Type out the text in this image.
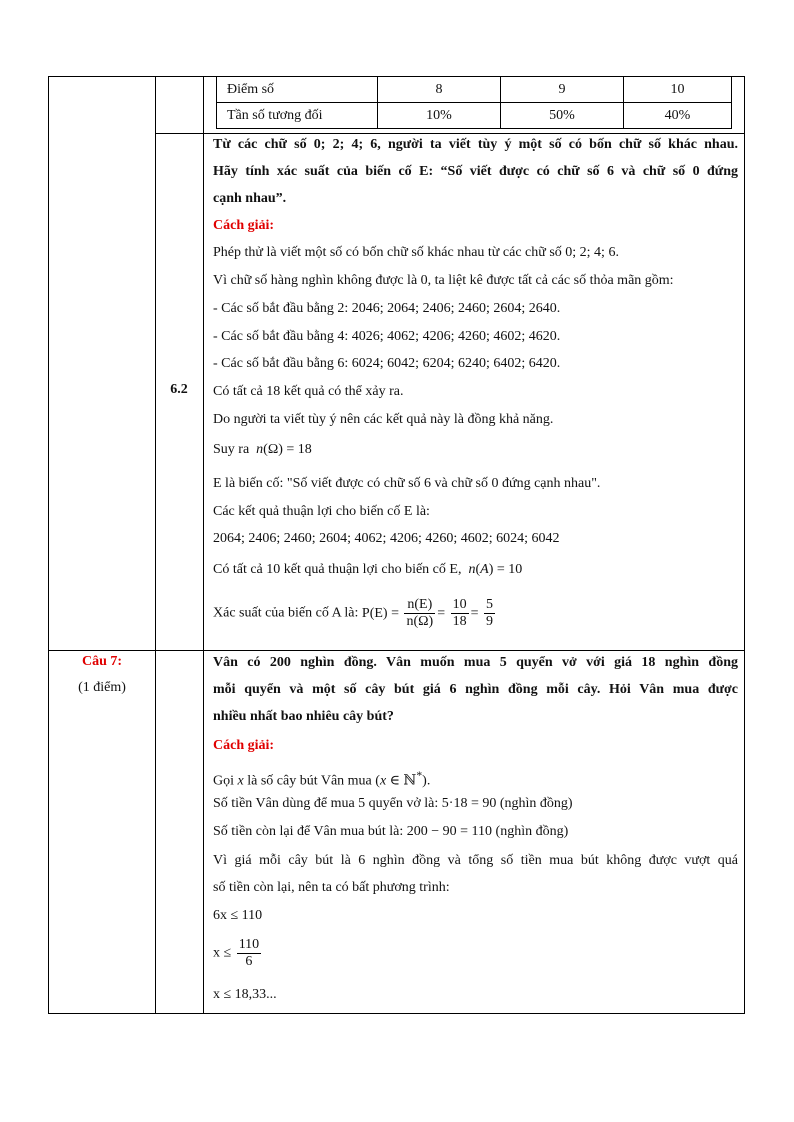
Điểm số	8	9	10
Tần số tương đối	10%	50%	40%
6.2
Từ các chữ số 0; 2; 4; 6, người ta viết tùy ý một số có bốn chữ số khác nhau.
Hãy tính xác suất của biến cố E: “Số viết được có chữ số 6 và chữ số 0 đứng
cạnh nhau”.
Cách giải:
Phép thử là viết một số có bốn chữ số khác nhau từ các chữ số 0; 2; 4; 6.
Vì chữ số hàng nghìn không được là 0, ta liệt kê được tất cả các số thỏa mãn gồm:
- Các số bắt đầu bằng 2: 2046; 2064; 2406; 2460; 2604; 2640.
- Các số bắt đầu bằng 4: 4026; 4062; 4206; 4260; 4602; 4620.
- Các số bắt đầu bằng 6: 6024; 6042; 6204; 6240; 6402; 6420.
Có tất cả 18 kết quả có thể xảy ra.
Do người ta viết tùy ý nên các kết quả này là đồng khả năng.
Suy ra n(Ω) = 18
E là biến cố: "Số viết được có chữ số 6 và chữ số 0 đứng cạnh nhau".
Các kết quả thuận lợi cho biến cố E là:
2064; 2406; 2460; 2604; 4062; 4206; 4260; 4602; 6024; 6042
Có tất cả 10 kết quả thuận lợi cho biến cố E, n(A) = 10
Xác suất của biến cố A là: $P(E) = \frac{n(E)}{n(\Omega)} = \frac{10}{18} = \frac{5}{9}$
Câu 7:
(1 điểm)
Vân có 200 nghìn đồng. Vân muốn mua 5 quyển vở với giá 18 nghìn đồng
mỗi quyển và một số cây bút giá 6 nghìn đồng mỗi cây. Hỏi Vân mua được
nhiều nhất bao nhiêu cây bút?
Cách giải:
Gọi x là số cây bút Vân mua (x ∈ ℕ*).
Số tiền Vân dùng để mua 5 quyển vở là: 5·18 = 90 (nghìn đồng)
Số tiền còn lại để Vân mua bút là: 200 − 90 = 110 (nghìn đồng)
Vì giá mỗi cây bút là 6 nghìn đồng và tổng số tiền mua bút không được vượt quá
số tiền còn lại, nên ta có bất phương trình:
6x ≤ 110
$x \le \frac{110}{6}$
x ≤ 18,33...
